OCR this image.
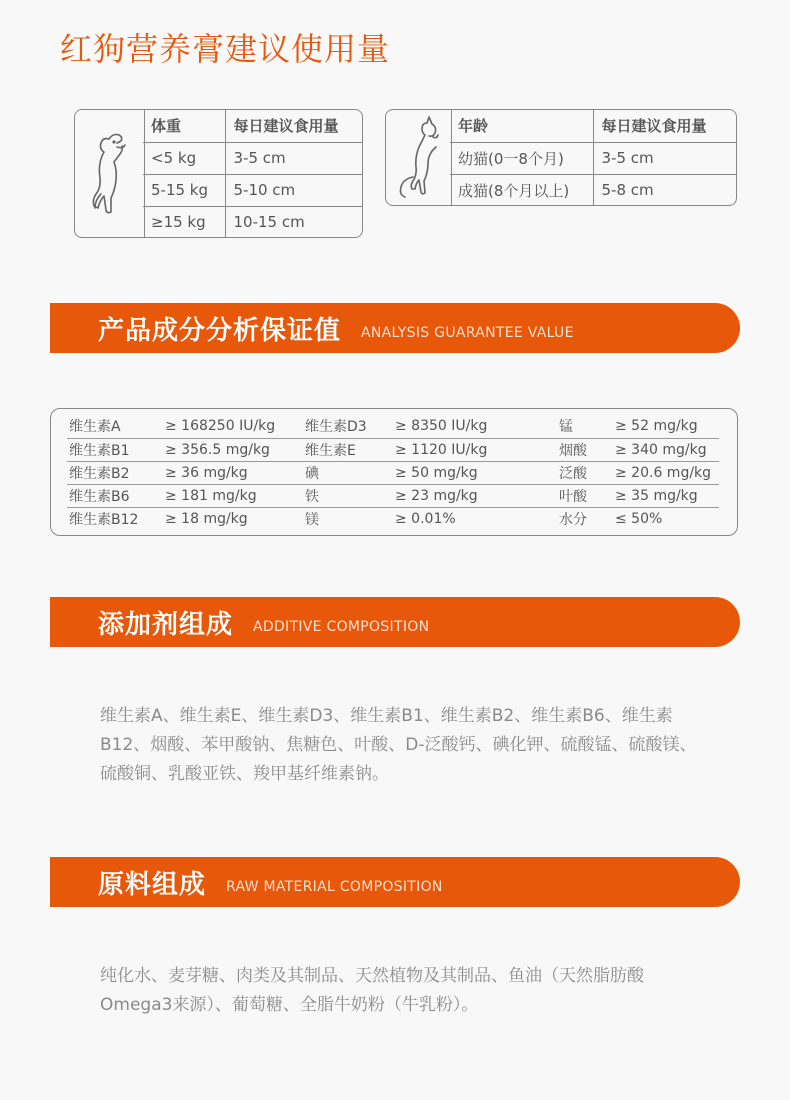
红狗营养膏建议使用量
体重	每日建议食用量
<5 kg	3-5 cm
5-15 kg	5-10 cm
≥15 kg	10-15 cm
年龄	每日建议食用量
幼猫(0一8个月)	3-5 cm
成猫(8个月以上)	5-8 cm
产品成分分析保证值 ANALYSIS GUARANTEE VALUE
维生素A	≥ 168250 IU/kg	维生素D3	≥ 8350 IU/kg	锰	≥ 52 mg/kg
维生素B1	≥ 356.5 mg/kg	维生素E	≥ 1120 IU/kg	烟酸	≥ 340 mg/kg
维生素B2	≥ 36 mg/kg	碘	≥ 50 mg/kg	泛酸	≥ 20.6 mg/kg
维生素B6	≥ 181 mg/kg	铁	≥ 23 mg/kg	叶酸	≥ 35 mg/kg
维生素B12	≥ 18 mg/kg	镁	≥ 0.01%	水分	≤ 50%
添加剂组成 ADDITIVE COMPOSITION
维生素A、维生素E、维生素D3、维生素B1、维生素B2、维生素B6、维生素B12、烟酸、苯甲酸钠、焦糖色、叶酸、D-泛酸钙、碘化钾、硫酸锰、硫酸镁、硫酸铜、乳酸亚铁、羧甲基纤维素钠。
原料组成 RAW MATERIAL COMPOSITION
纯化水、麦芽糖、肉类及其制品、天然植物及其制品、鱼油（天然脂肪酸Omega3来源）、葡萄糖、全脂牛奶粉（牛乳粉）。
